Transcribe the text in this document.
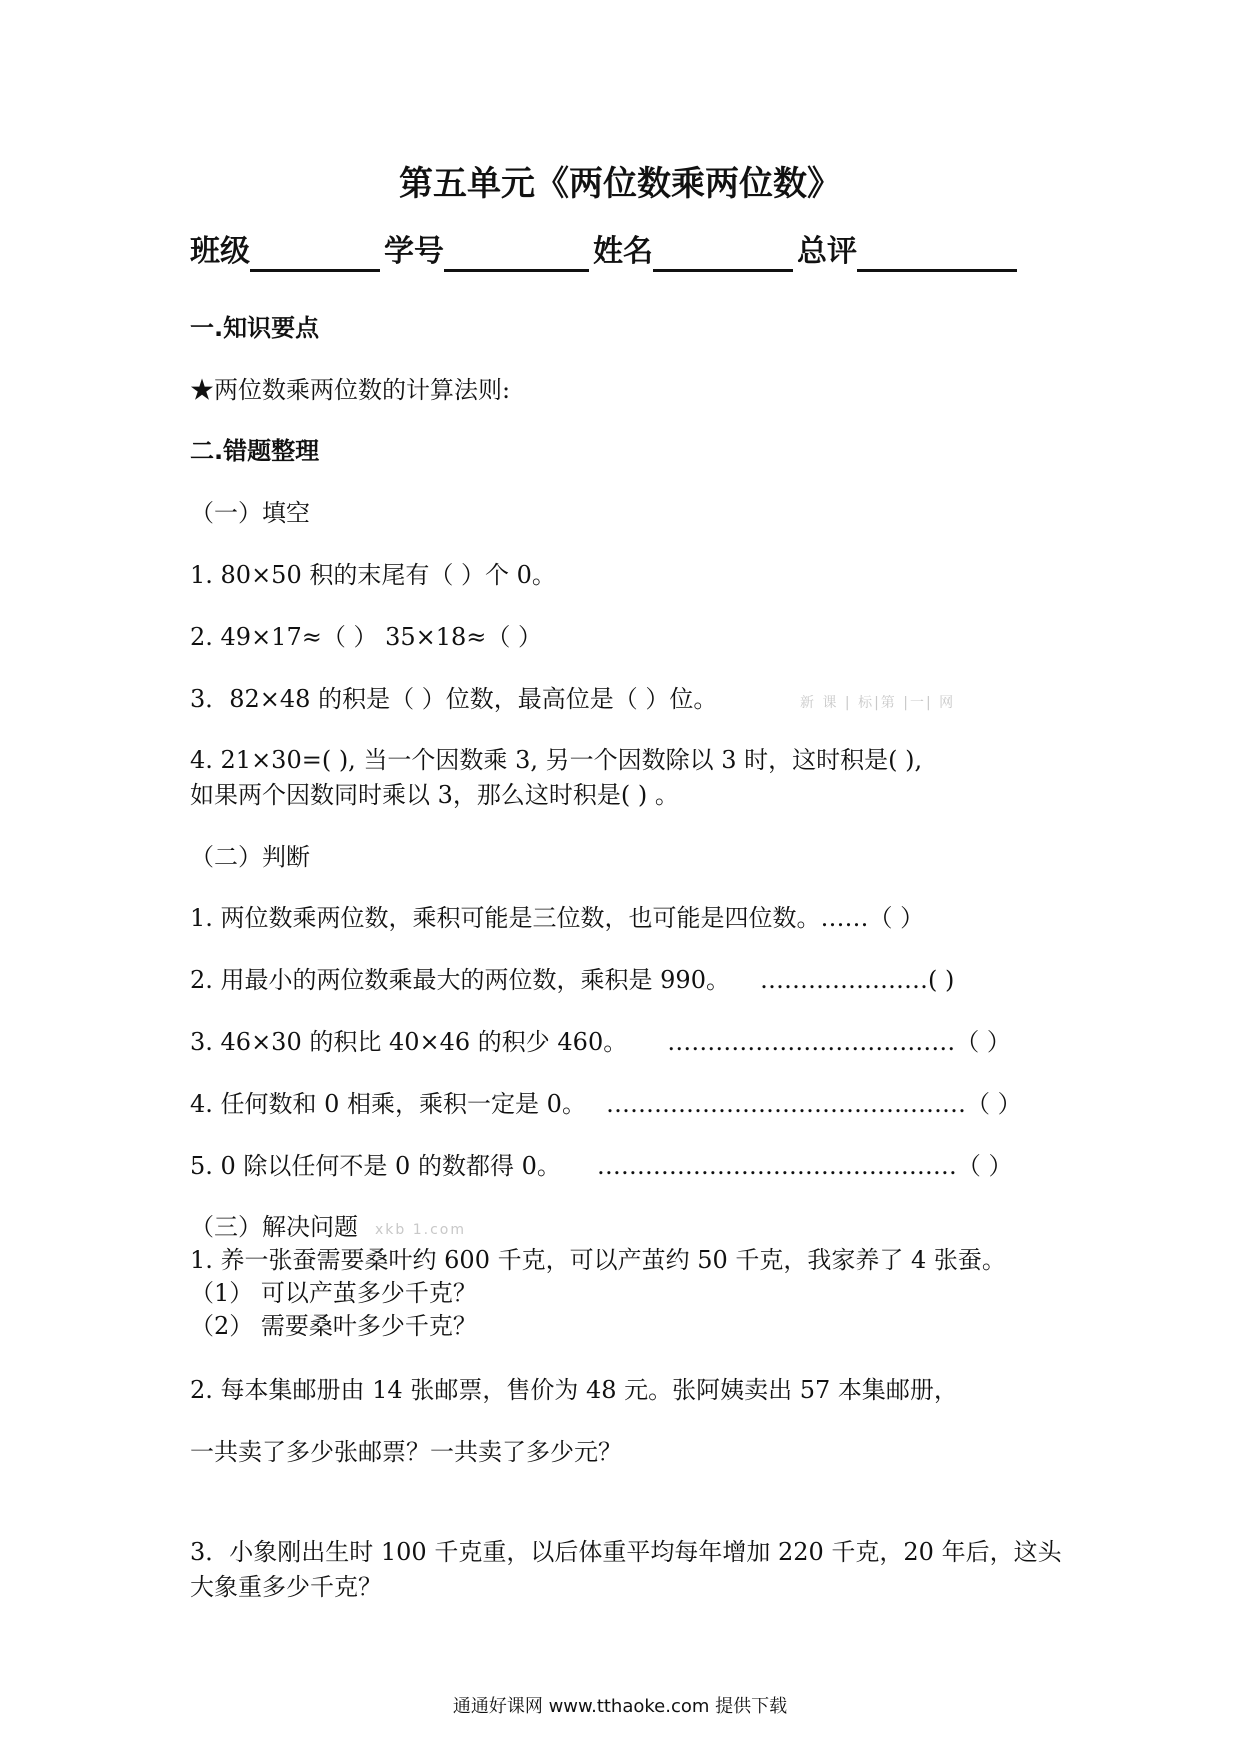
第五单元《两位数乘两位数》
班级	学号	姓名	总评
一.知识要点
★两位数乘两位数的计算法则:
二.错题整理
（一）填空
1. 80×50 积的末尾有（ ）个 0。
2. 49×17≈（ ） 35×18≈（ ）
3．82×48 的积是（ ）位数，最高位是（ ）位。	新 课 | 标|第 |一| 网
4. 21×30=( ), 当一个因数乘 3, 另一个因数除以 3 时，这时积是( ),
如果两个因数同时乘以 3，那么这时积是( ) 。
（二）判断
1. 两位数乘两位数，乘积可能是三位数，也可能是四位数。……（ ）
2. 用最小的两位数乘最大的两位数，乘积是 990。 …………………( )
3. 46×30 的积比 40×46 的积少 460。 ………………………………（ ）
4. 任何数和 0 相乘，乘积一定是 0。 ………………………………………（ ）
5. 0 除以任何不是 0 的数都得 0。 ………………………………………（ ）
（三）解决问题 xkb 1.com
1. 养一张蚕需要桑叶约 600 千克，可以产茧约 50 千克，我家养了 4 张蚕。
（1） 可以产茧多少千克？
（2） 需要桑叶多少千克？
2. 每本集邮册由 14 张邮票，售价为 48 元。张阿姨卖出 57 本集邮册，
一共卖了多少张邮票？一共卖了多少元？
3．小象刚出生时 100 千克重，以后体重平均每年增加 220 千克，20 年后，这头
大象重多少千克？
通通好课网 www.tthaoke.com 提供下载
